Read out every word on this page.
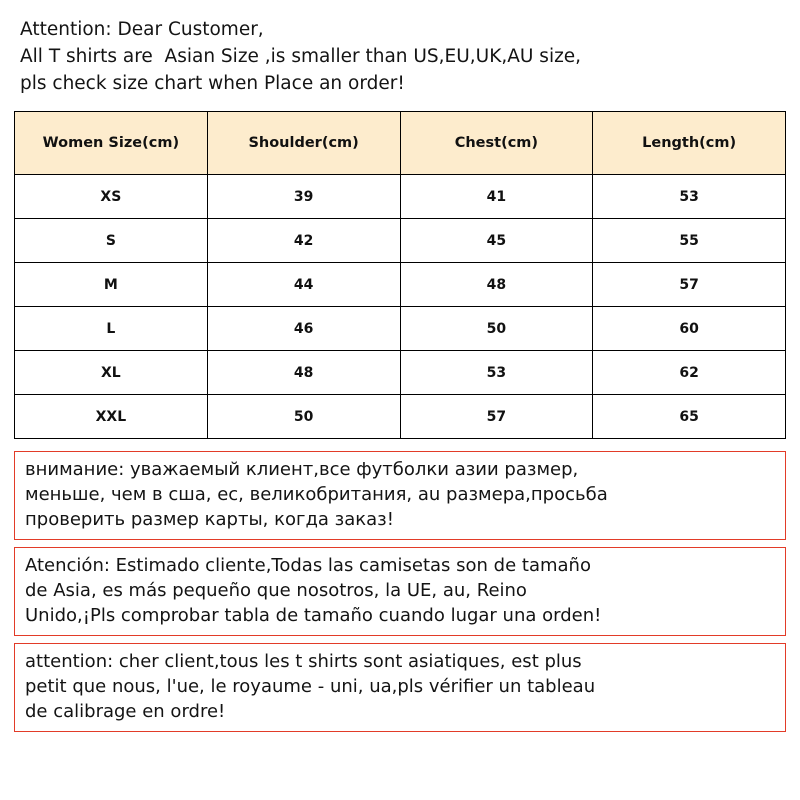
Attention: Dear Customer,
All T shirts are  Asian Size ,is smaller than US,EU,UK,AU size,
pls check size chart when Place an order!
Women Size(cm)	Shoulder(cm)	Chest(cm)	Length(cm)
XS	39	41	53
S	42	45	55
M	44	48	57
L	46	50	60
XL	48	53	62
XXL	50	57	65

внимание: уважаемый клиент,все футболки азии размер,

меньше, чем в сша, ес, великобритания, au размера,просьба

проверить размер карты, когда заказ!

Atención: Estimado cliente,Todas las camisetas son de tamaño

de Asia, es más pequeño que nosotros, la UE, au, Reino

Unido,¡Pls comprobar tabla de tamaño cuando lugar una orden!

attention: cher client,tous les t shirts sont asiatiques, est plus

petit que nous, l'ue, le royaume - uni, ua,pls vérifier un tableau

de calibrage en ordre!
